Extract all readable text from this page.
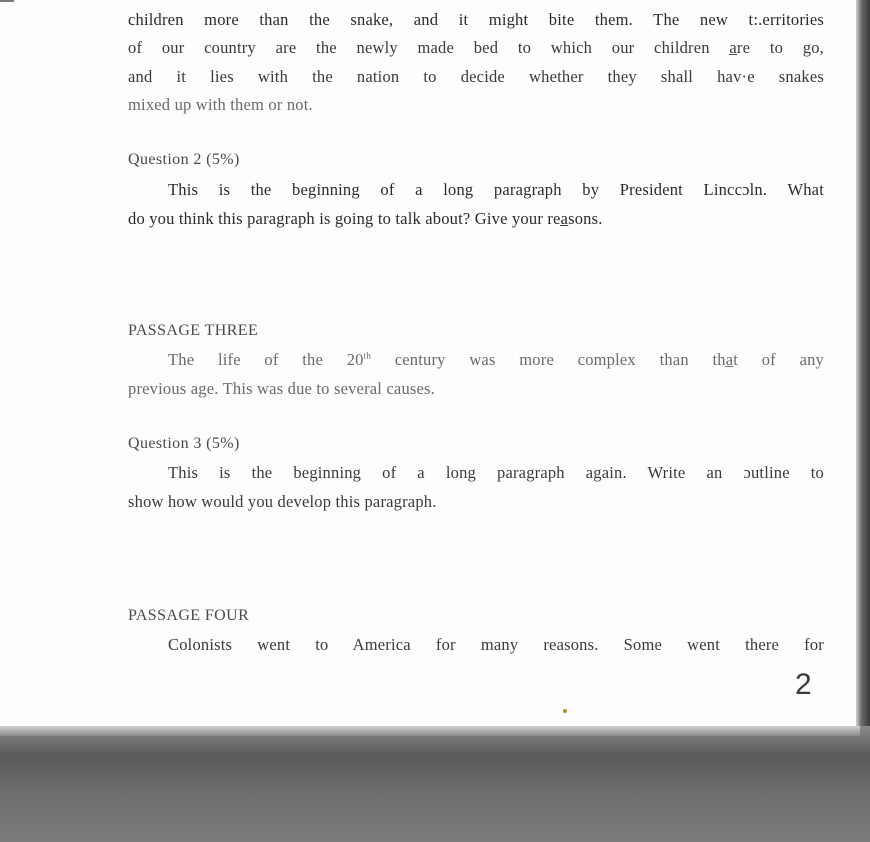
children more than the snake, and it might bite them. The new t:.erritories
of our country are the newly made bed to which our children a̲re to go,
and it lies with the nation to decide whether they shall hav·e snakes
mixed up with them or not.
Question 2 (5%)
This is the beginning of a long paragraph by President Linccɔln. What
do you think this paragraph is going to talk about? Give your rea̲sons.
PASSAGE THREE
The life of the 20th century was more complex than tha̲t of any
previous age. This was due to several causes.
Question 3 (5%)
This is the beginning of a long paragraph again. Write an ɔutline to
show how would you develop this paragraph.
PASSAGE FOUR
Colonists went to America for many reasons. Some went there for
2
